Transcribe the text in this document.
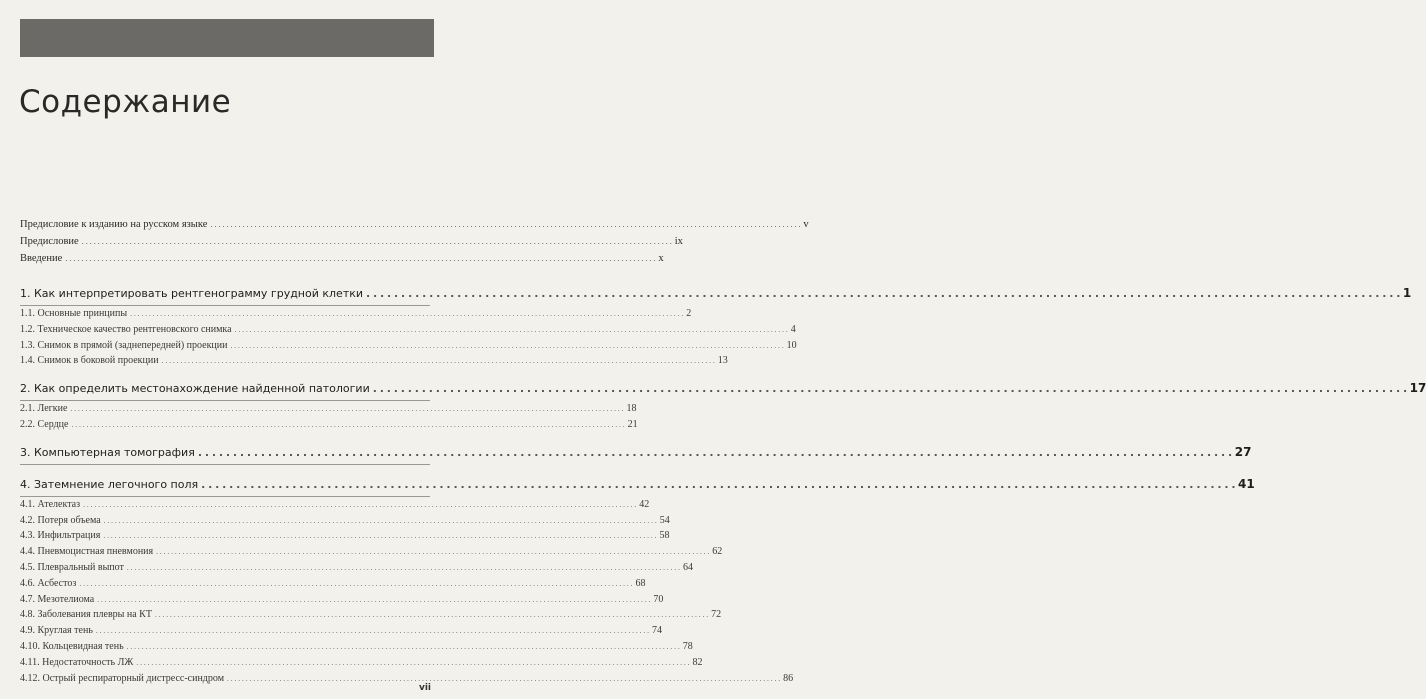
Содержание
Предисловие к изданию на русском языке . . .	v
Предисловие . . .	ix
Введение . . .	x
1. Как интерпретировать рентгенограмму грудной клетки . . .	1
1.1. Основные принципы . . .	2
1.2. Техническое качество рентгеновского снимка . . .	4
1.3. Снимок в прямой (заднепередней) проекции . . .	10
1.4. Снимок в боковой проекции . . .	13
2. Как определить местонахождение найденной патологии . . .	17
2.1. Легкие . . .	18
2.2. Сердце . . .	21
3. Компьютерная томография . . .	27
4. Затемнение легочного поля . . .	41
4.1. Ателектаз . . .	42
4.2. Потеря объема . . .	54
4.3. Инфильтрация . . .	58
4.4. Пневмоцистная пневмония . . .	62
4.5. Плевральный выпот . . .	64
4.6. Асбестоз . . .	68
4.7. Мезотелиома . . .	70
4.8. Заболевания плевры на КТ . . .	72
4.9. Круглая тень . . .	74
4.10. Кольцевидная тень . . .	78
4.11. Недостаточность ЛЖ . . .	82
4.12. Острый респираторный дистресс-синдром . . .	86
vii
